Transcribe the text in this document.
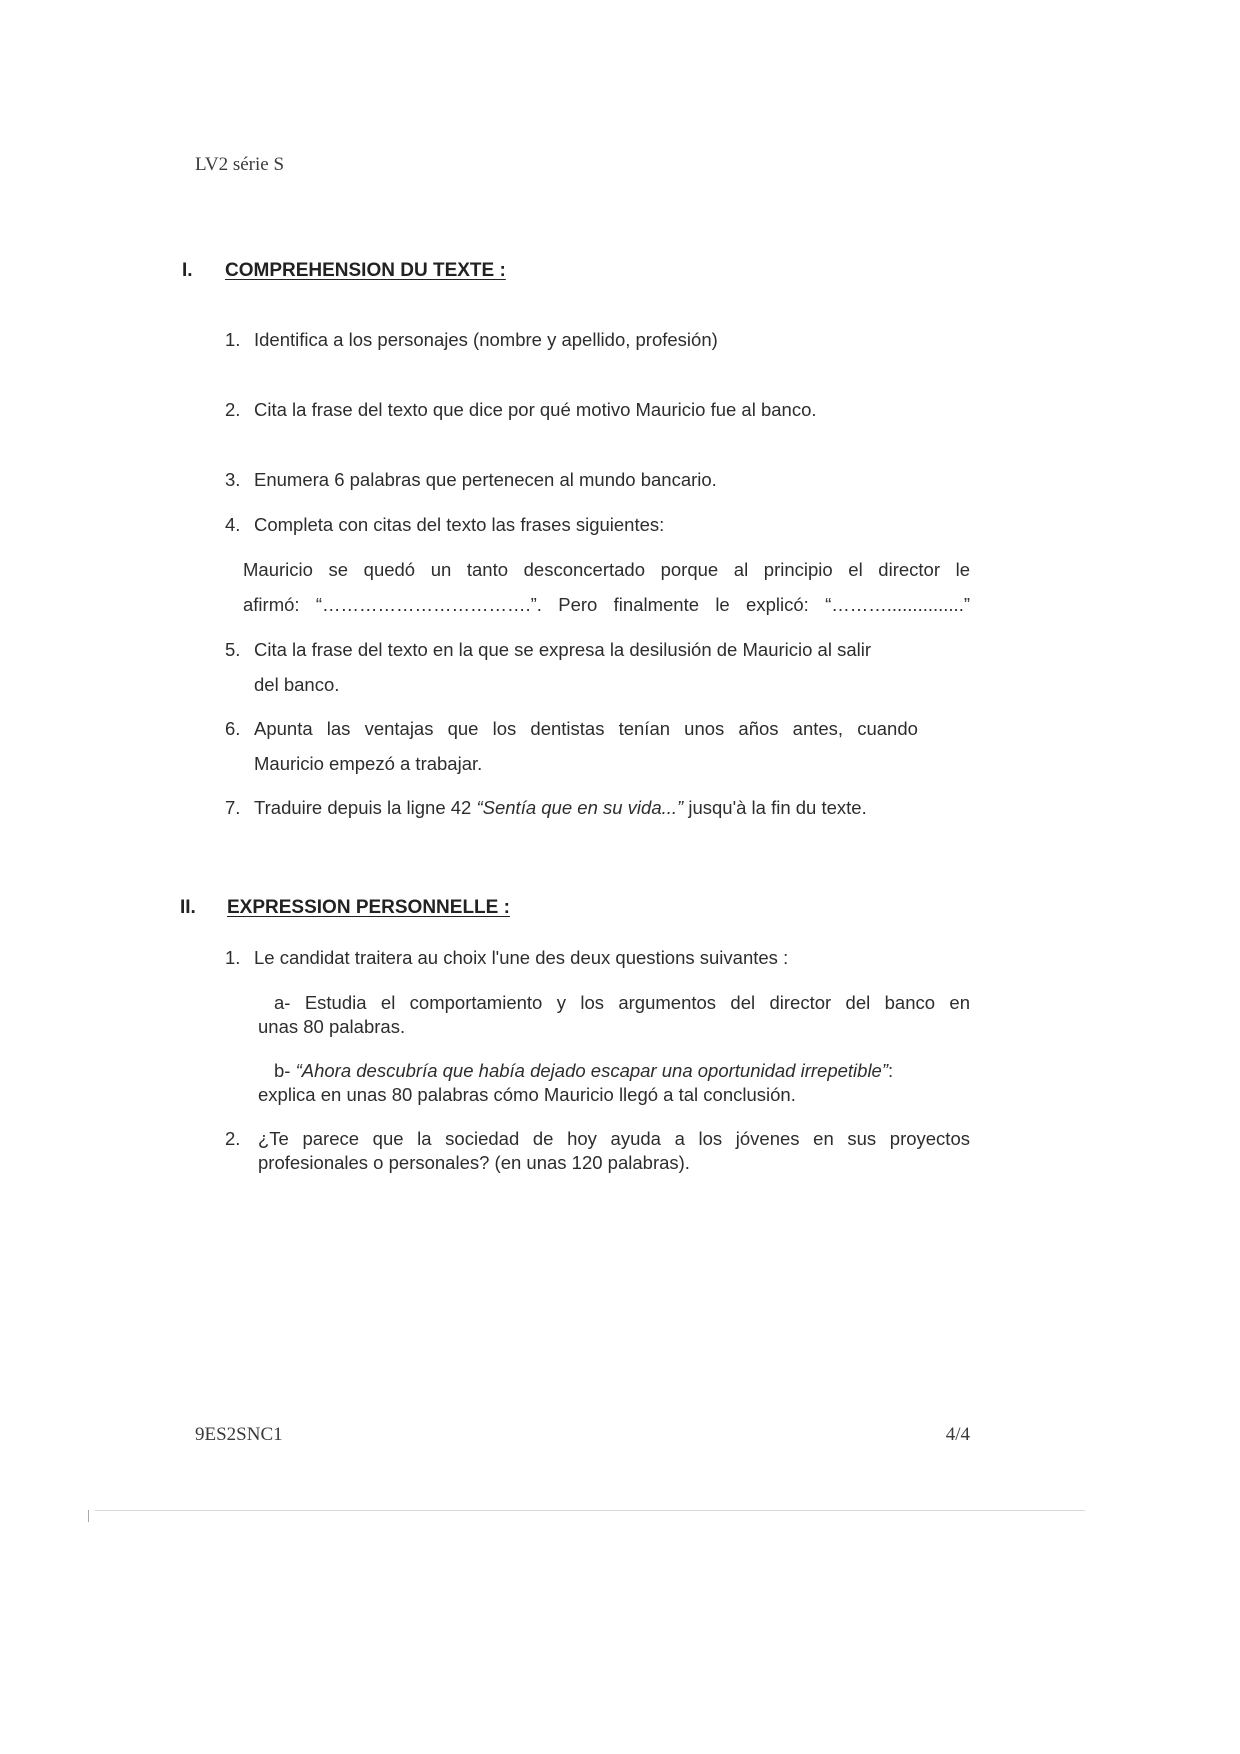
LV2 série S
I. COMPREHENSION DU TEXTE :
1. Identifica a los personajes (nombre y apellido, profesión)
2. Cita la frase del texto que dice por qué motivo Mauricio fue al banco.
3. Enumera 6 palabras que pertenecen al mundo bancario.
4. Completa con citas del texto las frases siguientes:
Mauricio se quedó un tanto desconcertado porque al principio el director le
afirmó: “…………………………….”. Pero finalmente le explicó: “………...............”
5. Cita la frase del texto en la que se expresa la desilusión de Mauricio al salir
del banco.
6. Apunta las ventajas que los dentistas tenían unos años antes, cuando
Mauricio empezó a trabajar.
7. Traduire depuis la ligne 42 “Sentía que en su vida...” jusqu'à la fin du texte.
II. EXPRESSION PERSONNELLE :
1. Le candidat traitera au choix l'une des deux questions suivantes :
a- Estudia el comportamiento y los argumentos del director del banco en
unas 80 palabras.
b- “Ahora descubría que había dejado escapar una oportunidad irrepetible”:
explica en unas 80 palabras cómo Mauricio llegó a tal conclusión.
2. ¿Te parece que la sociedad de hoy ayuda a los jóvenes en sus proyectos
profesionales o personales? (en unas 120 palabras).
9ES2SNC1	4/4
